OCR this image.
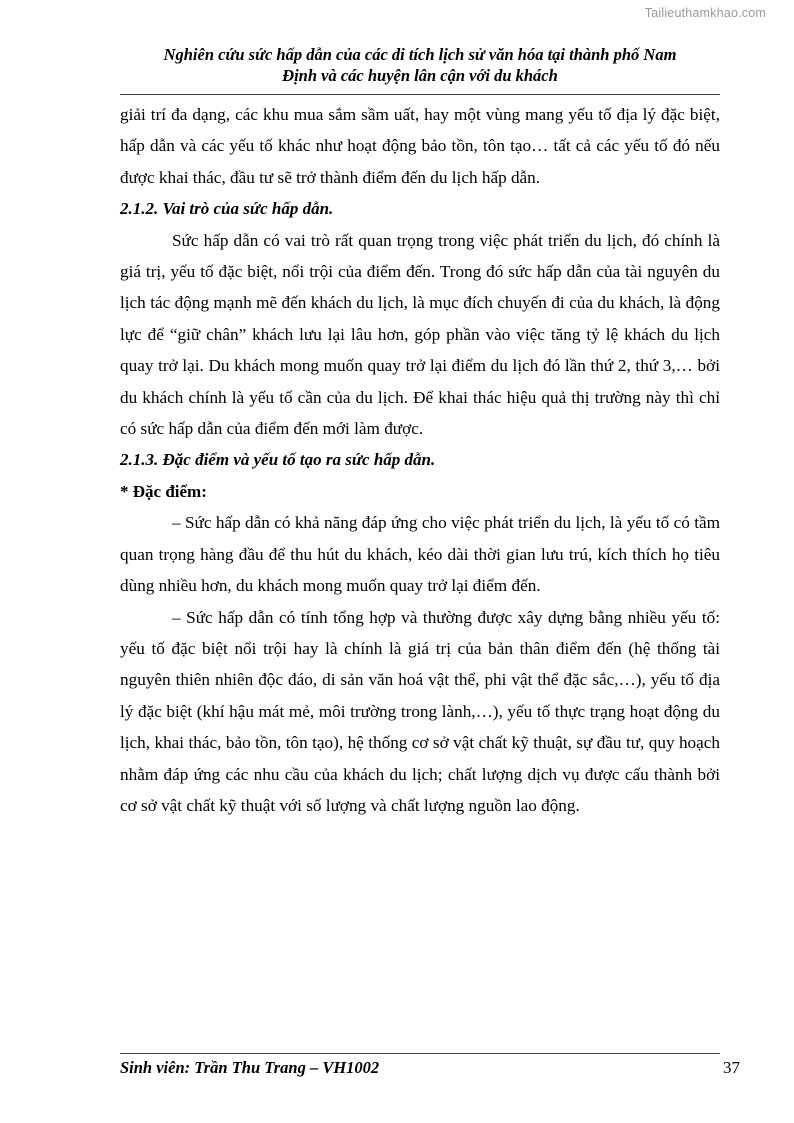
Tailieuthamkhao.com
Nghiên cứu sức hấp dẫn của các di tích lịch sử văn hóa tại thành phố Nam
Định và các huyện lân cận với du khách

giải trí đa dạng, các khu mua sắm sầm uất, hay một vùng mang yếu tố địa lý đặc biệt, hấp dẫn và các yếu tố khác như hoạt động bảo tồn, tôn tạo… tất cả các yếu tố đó nếu được khai thác, đầu tư sẽ trở thành điểm đến du lịch hấp dẫn.

2.1.2. Vai trò của sức hấp dẫn.

Sức hấp dẫn có vai trò rất quan trọng trong việc phát triển du lịch, đó chính là giá trị, yếu tố đặc biệt, nổi trội của điểm đến. Trong đó sức hấp dẫn của tài nguyên du lịch tác động mạnh mẽ đến khách du lịch, là mục đích chuyến đi của du khách, là động lực để “giữ chân” khách lưu lại lâu hơn, góp phần vào việc tăng tỷ lệ khách du lịch quay trở lại. Du khách mong muốn quay trở lại điểm du lịch đó lần thứ 2, thứ 3,… bởi du khách chính là yếu tố cần của du lịch. Để khai thác hiệu quả thị trường này thì chỉ có sức hấp dẫn của điểm đến mới làm được.

2.1.3. Đặc điểm và yếu tố tạo ra sức hấp dẫn.

* Đặc điểm:

– Sức hấp dẫn có khả năng đáp ứng cho việc phát triển du lịch, là yếu tố có tầm quan trọng hàng đầu để thu hút du khách, kéo dài thời gian lưu trú, kích thích họ tiêu dùng nhiều hơn, du khách mong muốn quay trở lại điểm đến.

– Sức hấp dẫn có tính tổng hợp và thường được xây dựng bằng nhiều yếu tố: yếu tố đặc biệt nổi trội hay là chính là giá trị của bản thân điểm đến (hệ thống tài nguyên thiên nhiên độc đáo, di sản văn hoá vật thể, phi vật thể đặc sắc,…), yếu tố địa lý đặc biệt (khí hậu mát mẻ, môi trường trong lành,…), yếu tố thực trạng hoạt động du lịch, khai thác, bảo tồn, tôn tạo), hệ thống cơ sở vật chất kỹ thuật, sự đầu tư, quy hoạch nhằm đáp ứng các nhu cầu của khách du lịch; chất lượng dịch vụ được cấu thành bởi cơ sở vật chất kỹ thuật với số lượng và chất lượng nguồn lao động.

Sinh viên: Trần Thu Trang – VH1002	37
